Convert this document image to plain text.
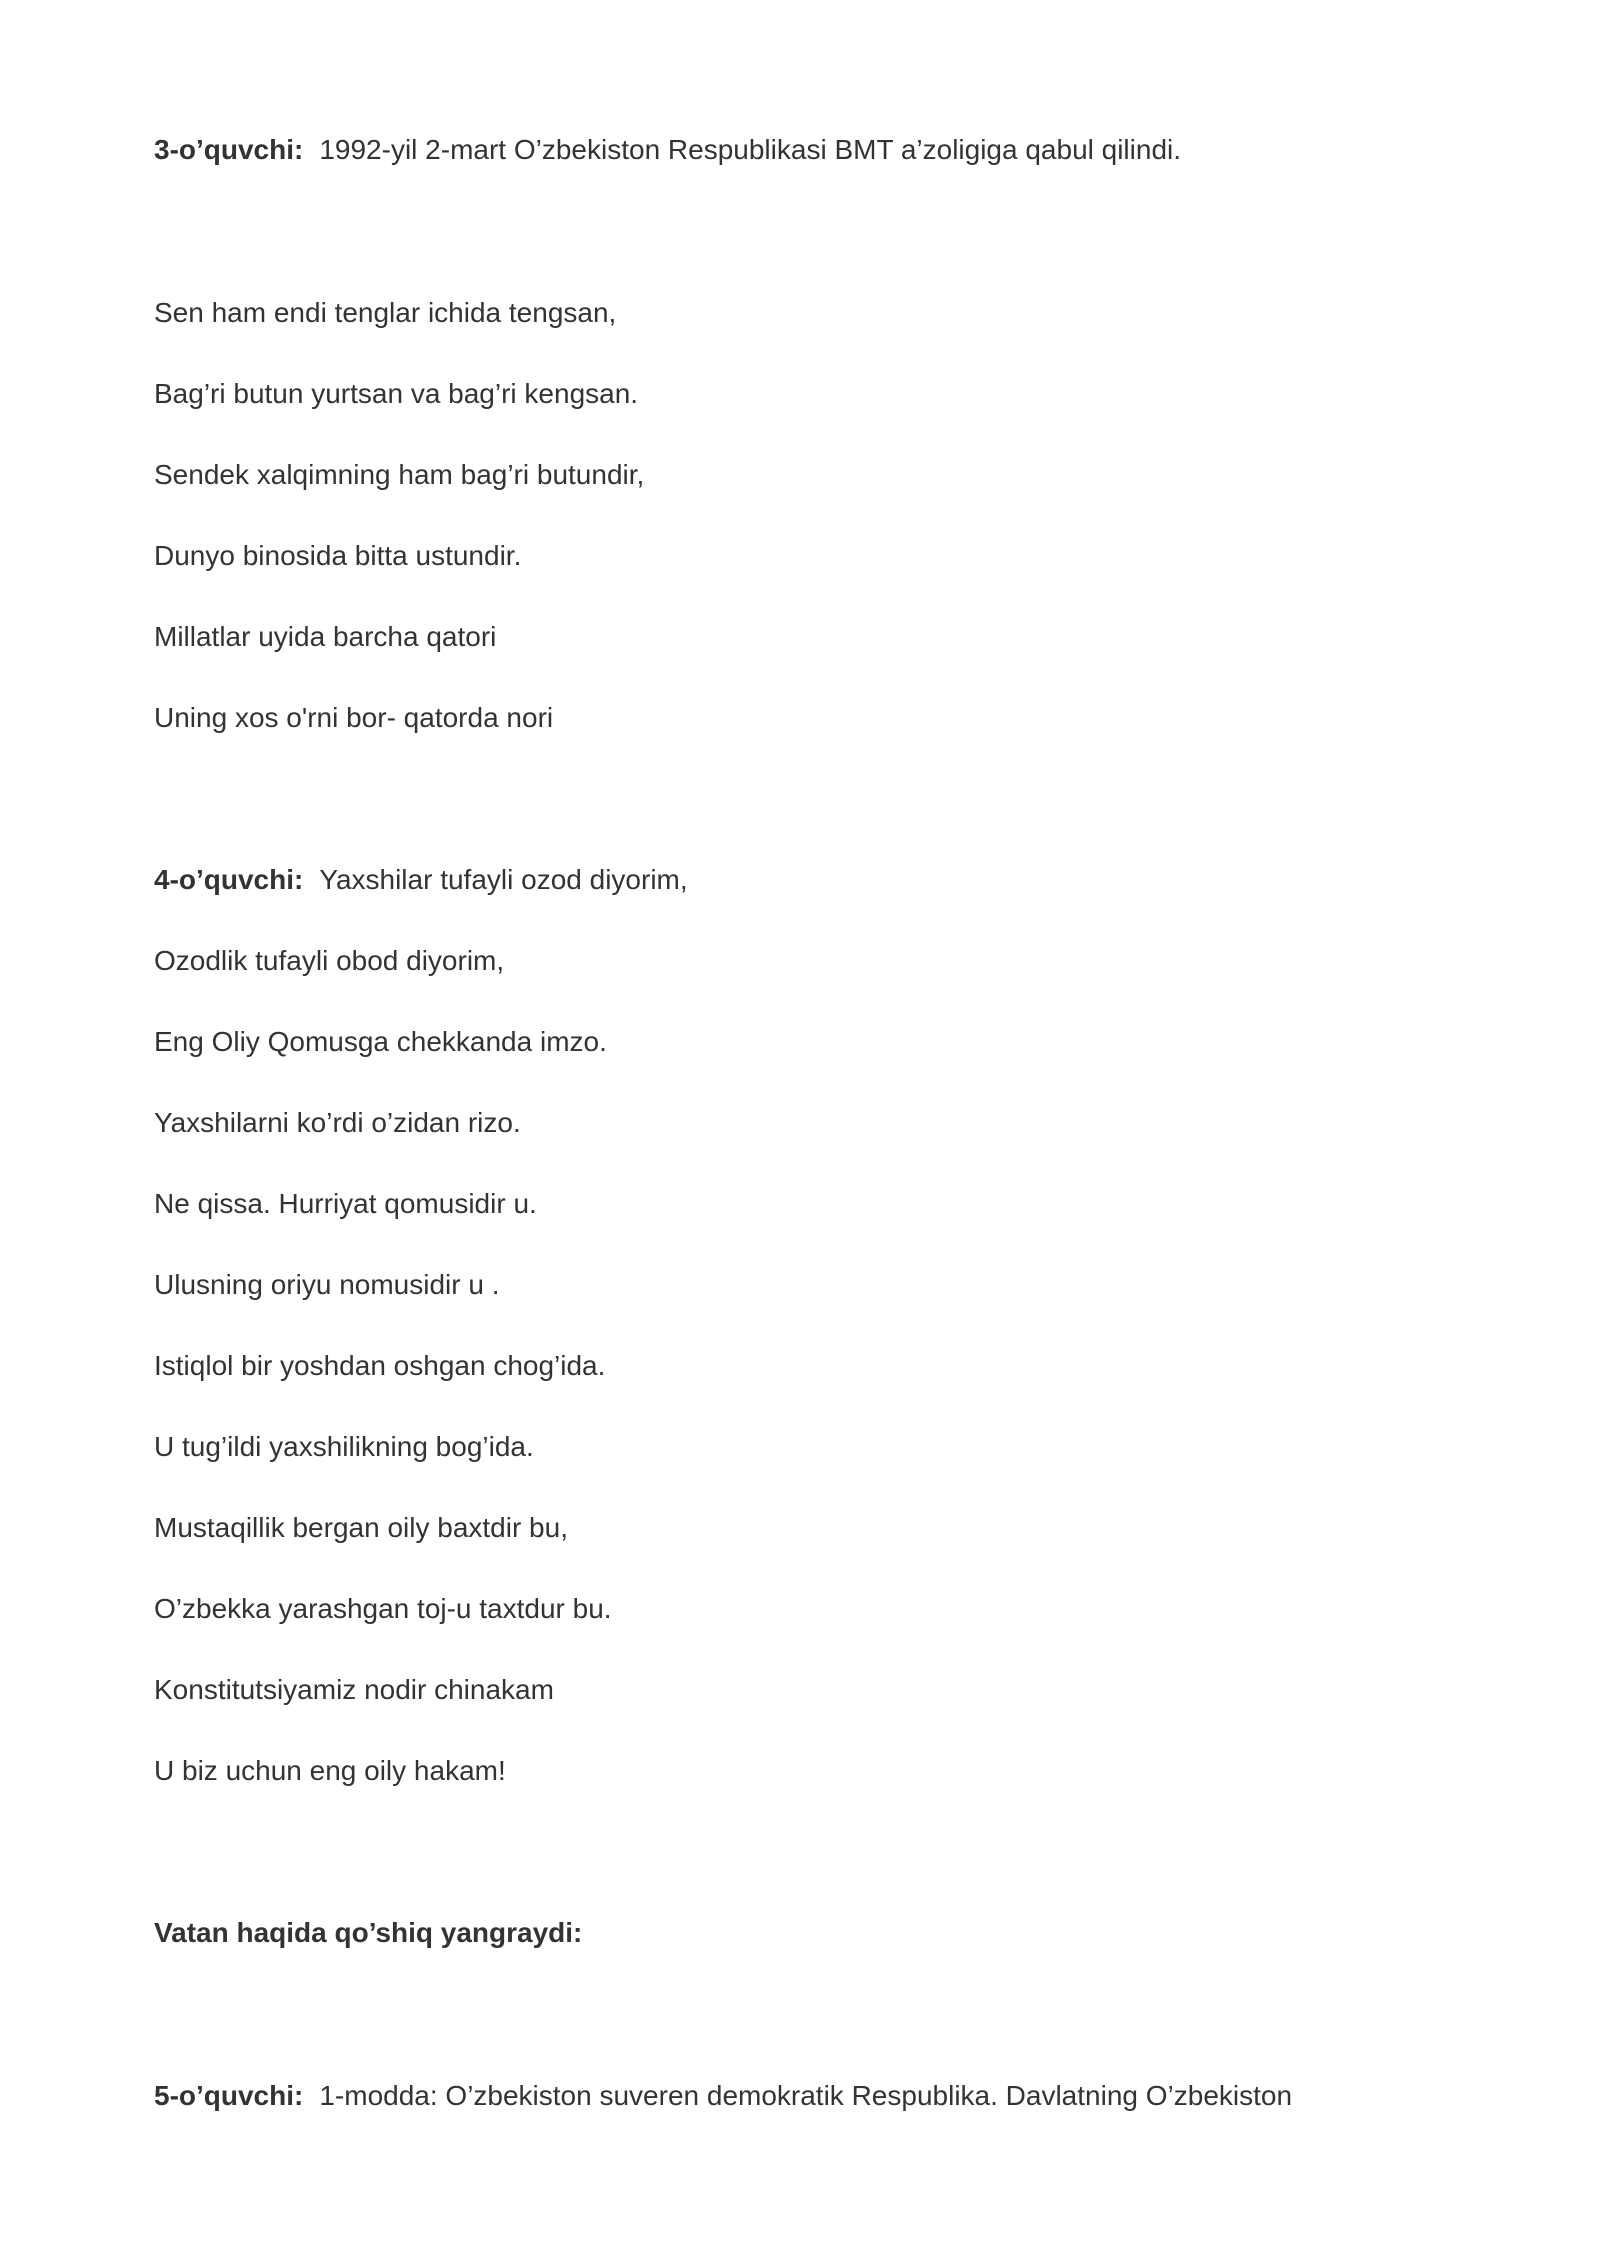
3-o’quvchi: 1992-yil 2-mart O’zbekiston Respublikasi BMT a’zoligiga qabul qilindi.
Sen ham endi tenglar ichida tengsan,
Bag’ri butun yurtsan va bag’ri kengsan.
Sendek xalqimning ham bag’ri butundir,
Dunyo binosida bitta ustundir.
Millatlar uyida barcha qatori
Uning xos o'rni bor- qatorda nori
4-o’quvchi: Yaxshilar tufayli ozod diyorim,
Ozodlik tufayli obod diyorim,
Eng Oliy Qomusga chekkanda imzo.
Yaxshilarni ko’rdi o’zidan rizo.
Ne qissa. Hurriyat qomusidir u.
Ulusning oriyu nomusidir u .
Istiqlol bir yoshdan oshgan chog’ida.
U tug’ildi yaxshilikning bog’ida.
Mustaqillik bergan oily baxtdir bu,
O’zbekka yarashgan toj-u taxtdur bu.
Konstitutsiyamiz nodir chinakam
U biz uchun eng oily hakam!
Vatan haqida qo’shiq yangraydi:
5-o’quvchi: 1-modda: O’zbekiston suveren demokratik Respublika. Davlatning O’zbekiston
